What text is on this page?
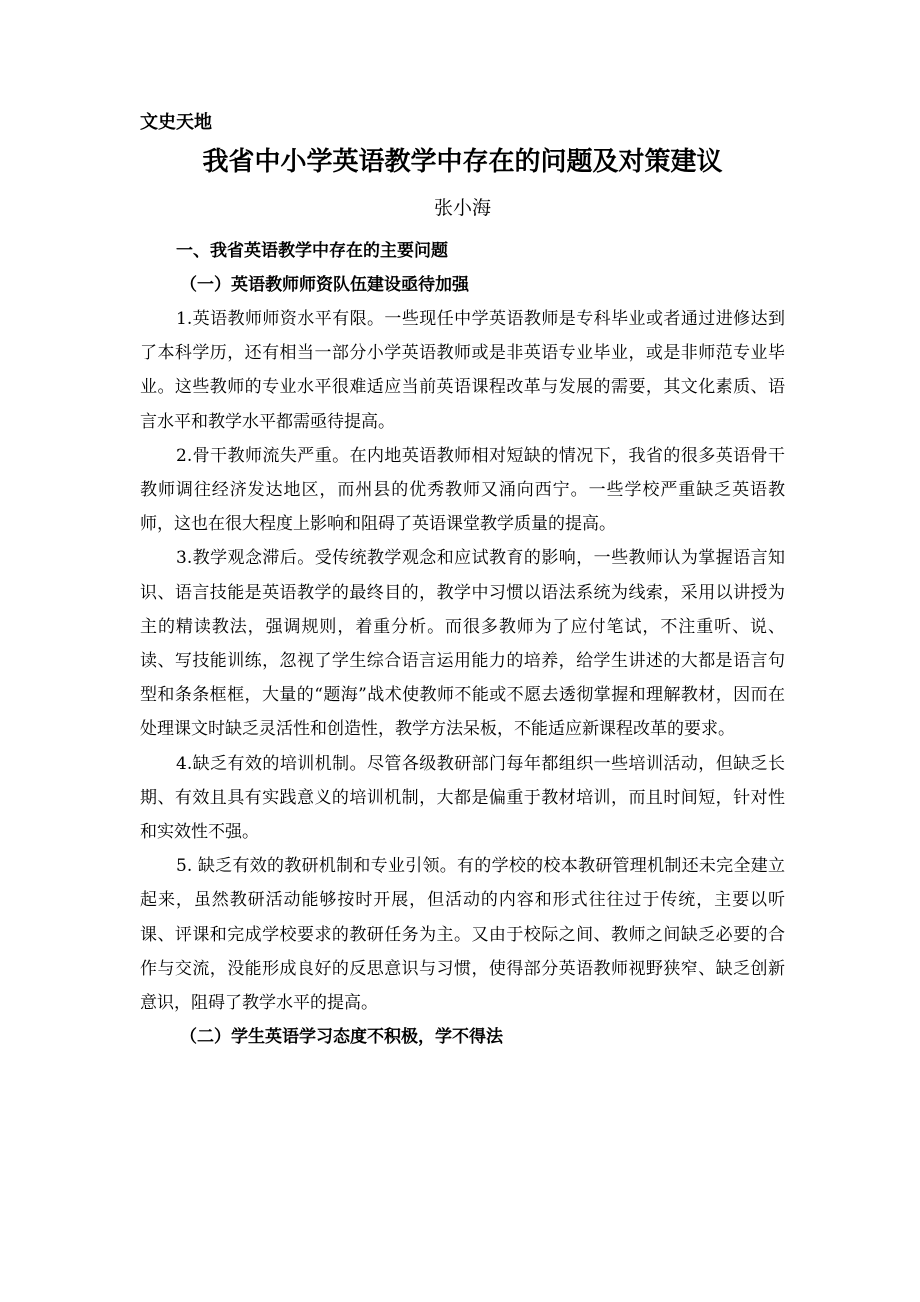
文史天地
我省中小学英语教学中存在的问题及对策建议
张小海
一、我省英语教学中存在的主要问题
（一）英语教师师资队伍建设亟待加强

1.英语教师师资水平有限。一些现任中学英语教师是专科毕业或者通过进修达到了本科学历，还有相当一部分小学英语教师或是非英语专业毕业，或是非师范专业毕业。这些教师的专业水平很难适应当前英语课程改革与发展的需要，其文化素质、语言水平和教学水平都需亟待提高。

2.骨干教师流失严重。在内地英语教师相对短缺的情况下，我省的很多英语骨干教师调往经济发达地区，而州县的优秀教师又涌向西宁。一些学校严重缺乏英语教师，这也在很大程度上影响和阻碍了英语课堂教学质量的提高。

3.教学观念滞后。受传统教学观念和应试教育的影响，一些教师认为掌握语言知识、语言技能是英语教学的最终目的，教学中习惯以语法系统为线索，采用以讲授为主的精读教法，强调规则，着重分析。而很多教师为了应付笔试，不注重听、说、读、写技能训练，忽视了学生综合语言运用能力的培养，给学生讲述的大都是语言句型和条条框框，大量的“题海”战术使教师不能或不愿去透彻掌握和理解教材，因而在处理课文时缺乏灵活性和创造性，教学方法呆板，不能适应新课程改革的要求。

4.缺乏有效的培训机制。尽管各级教研部门每年都组织一些培训活动，但缺乏长期、有效且具有实践意义的培训机制，大都是偏重于教材培训，而且时间短，针对性和实效性不强。

5. 缺乏有效的教研机制和专业引领。有的学校的校本教研管理机制还未完全建立起来，虽然教研活动能够按时开展，但活动的内容和形式往往过于传统，主要以听课、评课和完成学校要求的教研任务为主。又由于校际之间、教师之间缺乏必要的合作与交流，没能形成良好的反思意识与习惯，使得部分英语教师视野狭窄、缺乏创新意识，阻碍了教学水平的提高。

（二）学生英语学习态度不积极，学不得法
